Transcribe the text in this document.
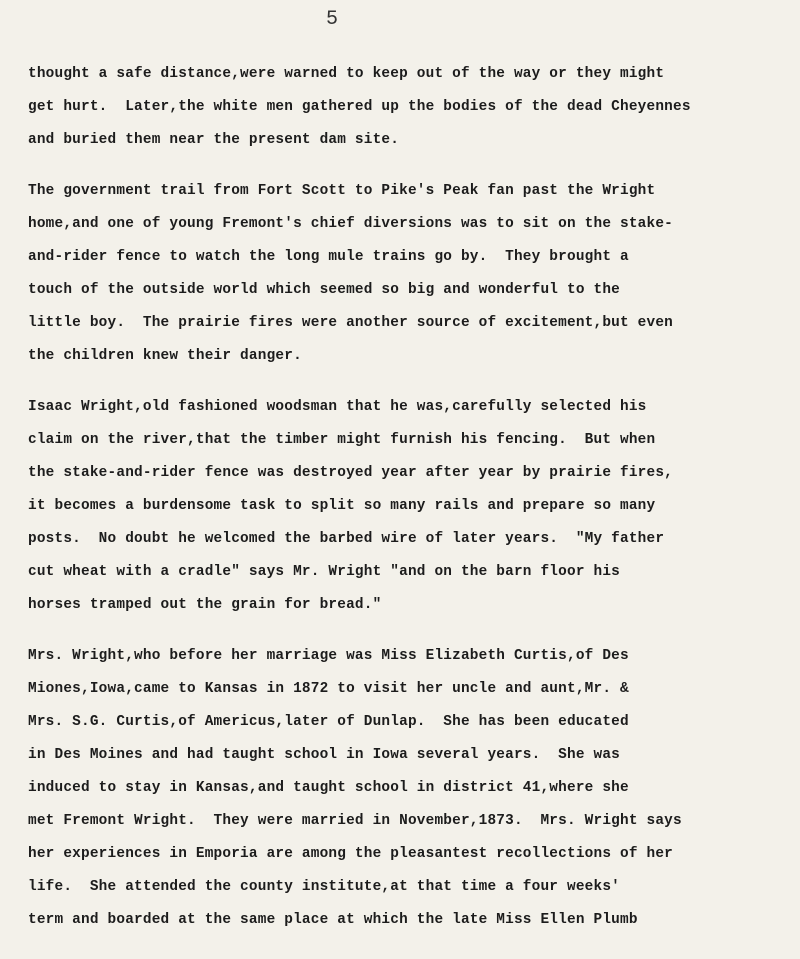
5
thought a safe distance,were warned to keep out of the way or they might
get hurt.  Later,the white men gathered up the bodies of the dead Cheyennes
and buried them near the present dam site.
The government trail from Fort Scott to Pike's Peak fan past the Wright
home,and one of young Fremont's chief diversions was to sit on the stake-
and-rider fence to watch the long mule trains go by.  They brought a
touch of the outside world which seemed so big and wonderful to the
little boy.  The prairie fires were another source of excitement,but even
the children knew their danger.
Isaac Wright,old fashioned woodsman that he was,carefully selected his
claim on the river,that the timber might furnish his fencing.  But when
the stake-and-rider fence was destroyed year after year by prairie fires,
it becomes a burdensome task to split so many rails and prepare so many
posts.  No doubt he welcomed the barbed wire of later years.  "My father
cut wheat with a cradle" says Mr. Wright "and on the barn floor his
horses tramped out the grain for bread."
Mrs. Wright,who before her marriage was Miss Elizabeth Curtis,of Des
Miones,Iowa,came to Kansas in 1872 to visit her uncle and aunt,Mr. &
Mrs. S.G. Curtis,of Americus,later of Dunlap.  She has been educated
in Des Moines and had taught school in Iowa several years.  She was
induced to stay in Kansas,and taught school in district 41,where she
met Fremont Wright.  They were married in November,1873.  Mrs. Wright says
her experiences in Emporia are among the pleasantest recollections of her
life.  She attended the county institute,at that time a four weeks'
term and boarded at the same place at which the late Miss Ellen Plumb
